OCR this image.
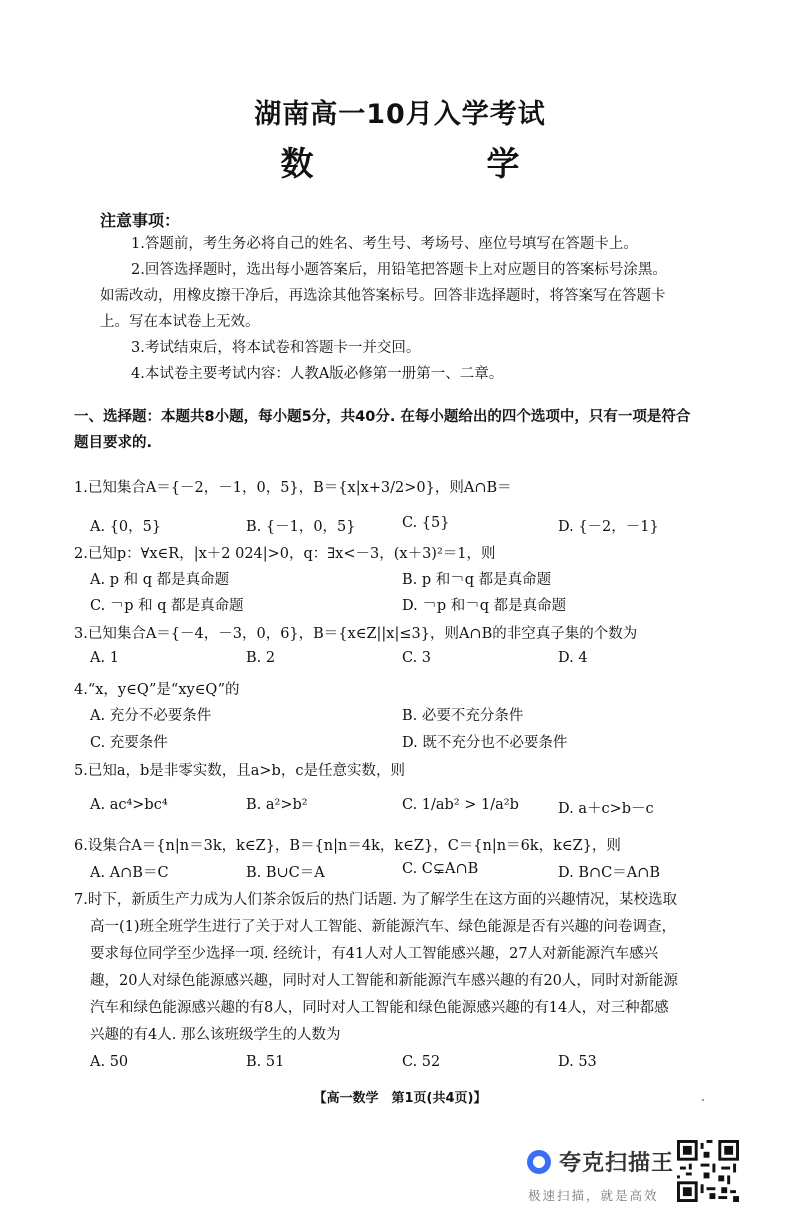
湖南高一10月入学考试
数　学
注意事项：
1.答题前，考生务必将自己的姓名、考生号、考场号、座位号填写在答题卡上。
2.回答选择题时，选出每小题答案后，用铅笔把答题卡上对应题目的答案标号涂黑。如需改动，用橡皮擦干净后，再选涂其他答案标号。回答非选择题时，将答案写在答题卡上。写在本试卷上无效。
3.考试结束后，将本试卷和答题卡一并交回。
4.本试卷主要考试内容：人教A版必修第一册第一、二章。
一、选择题：本题共8小题，每小题5分，共40分. 在每小题给出的四个选项中，只有一项是符合题目要求的.
1.已知集合A＝{－2，－1，0，5}，B＝{x|x+3/2>0}，则A∩B＝
A. {0，5}	B. {－1，0，5}	C. {5}	D. {－2，－1}
2.已知p：∀x∈R，|x＋2 024|>0，q：∃x<－3，(x＋3)²＝1，则
A. p 和 q 都是真命题	B. p 和￢q 都是真命题
C. ￢p 和 q 都是真命题	D. ￢p 和￢q 都是真命题
3.已知集合A＝{－4，－3，0，6}，B＝{x∈Z||x|≤3}，则A∩B的非空真子集的个数为
A. 1	B. 2	C. 3	D. 4
4.“x，y∈Q”是“xy∈Q”的
A. 充分不必要条件	B. 必要不充分条件
C. 充要条件	D. 既不充分也不必要条件
5.已知a，b是非零实数，且a>b，c是任意实数，则
A. ac⁴>bc⁴	B. a²>b²	C. 1/ab² > 1/a²b	D. a＋c>b－c
6.设集合A＝{n|n＝3k，k∈Z}，B＝{n|n＝4k，k∈Z}，C＝{n|n＝6k，k∈Z}，则
A. A∩B＝C	B. B∪C＝A	C. C⊊A∩B	D. B∩C＝A∩B
7.时下，新质生产力成为人们茶余饭后的热门话题. 为了解学生在这方面的兴趣情况，某校选取
高一(1)班全班学生进行了关于对人工智能、新能源汽车、绿色能源是否有兴趣的问卷调查，
要求每位同学至少选择一项. 经统计，有41人对人工智能感兴趣，27人对新能源汽车感兴
趣，20人对绿色能源感兴趣，同时对人工智能和新能源汽车感兴趣的有20人，同时对新能源
汽车和绿色能源感兴趣的有8人，同时对人工智能和绿色能源感兴趣的有14人，对三种都感
兴趣的有4人. 那么该班级学生的人数为
A. 50	B. 51	C. 52	D. 53
【高一数学　第1页(共4页)】
夸克扫描王
极速扫描，就是高效
